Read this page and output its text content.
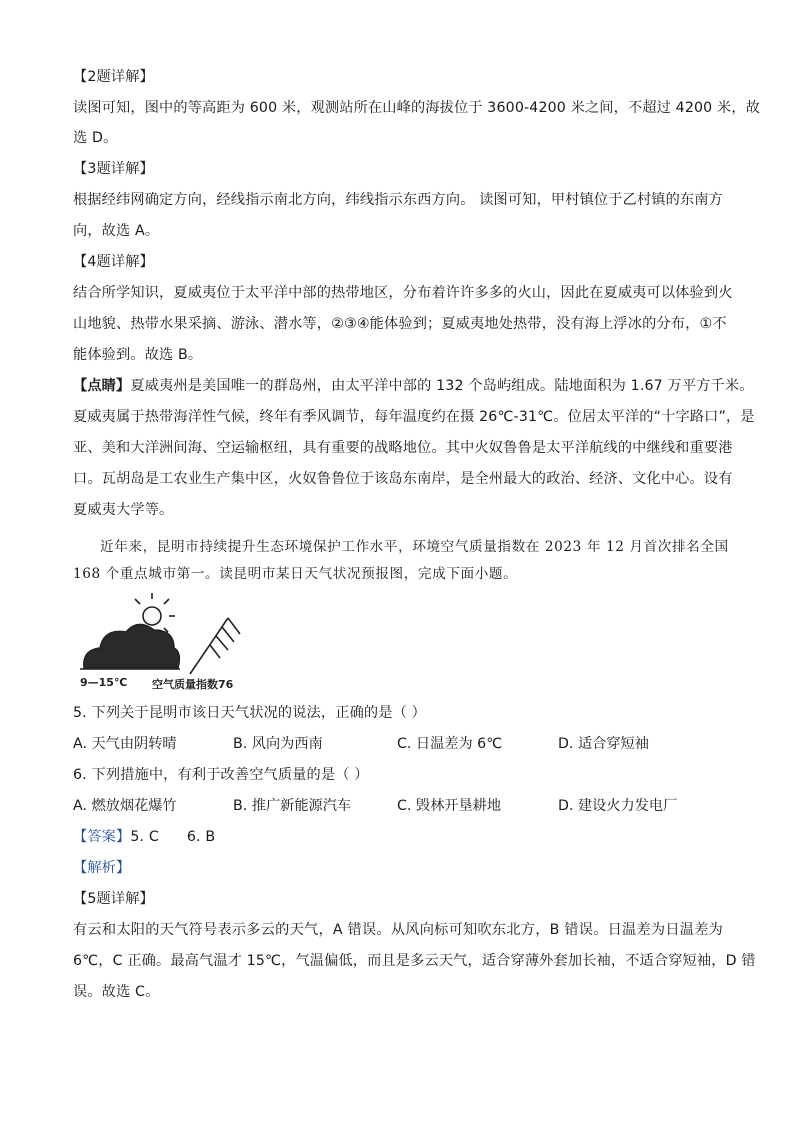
【2题详解】
读图可知，图中的等高距为 600 米，观测站所在山峰的海拔位于 3600-4200 米之间，不超过 4200 米，故
选 D。
【3题详解】
根据经纬网确定方向，经线指示南北方向，纬线指示东西方向。 读图可知，甲村镇位于乙村镇的东南方
向，故选 A。
【4题详解】
结合所学知识，夏威夷位于太平洋中部的热带地区，分布着许许多多的火山，因此在夏威夷可以体验到火
山地貌、热带水果采摘、游泳、潜水等，②③④能体验到；夏威夷地处热带，没有海上浮冰的分布，①不
能体验到。故选 B。
【点睛】夏威夷州是美国唯一的群岛州，由太平洋中部的 132 个岛屿组成。陆地面积为 1.67 万平方千米。
夏威夷属于热带海洋性气候，终年有季风调节，每年温度约在摄 26℃-31℃。位居太平洋的“十字路口”，是
亚、美和大洋洲间海、空运输枢纽，具有重要的战略地位。其中火奴鲁鲁是太平洋航线的中继线和重要港
口。瓦胡岛是工农业生产集中区，火奴鲁鲁位于该岛东南岸，是全州最大的政治、经济、文化中心。设有
夏威夷大学等。
近年来，昆明市持续提升生态环境保护工作水平，环境空气质量指数在 2023 年 12 月首次排名全国
168 个重点城市第一。读昆明市某日天气状况预报图，完成下面小题。
9—15℃ 空气质量指数76
5. 下列关于昆明市该日天气状况的说法，正确的是（ ）
A. 天气由阴转晴	B. 风向为西南	C. 日温差为 6℃	D. 适合穿短袖
6. 下列措施中，有利于改善空气质量的是（ ）
A. 燃放烟花爆竹	B. 推广新能源汽车	C. 毁林开垦耕地	D. 建设火力发电厂
【答案】5. C      6. B
【解析】
【5题详解】
有云和太阳的天气符号表示多云的天气，A 错误。从风向标可知吹东北方，B 错误。日温差为日温差为
6℃，C 正确。最高气温才 15℃，气温偏低，而且是多云天气，适合穿薄外套加长袖，不适合穿短袖，D 错
误。故选 C。
